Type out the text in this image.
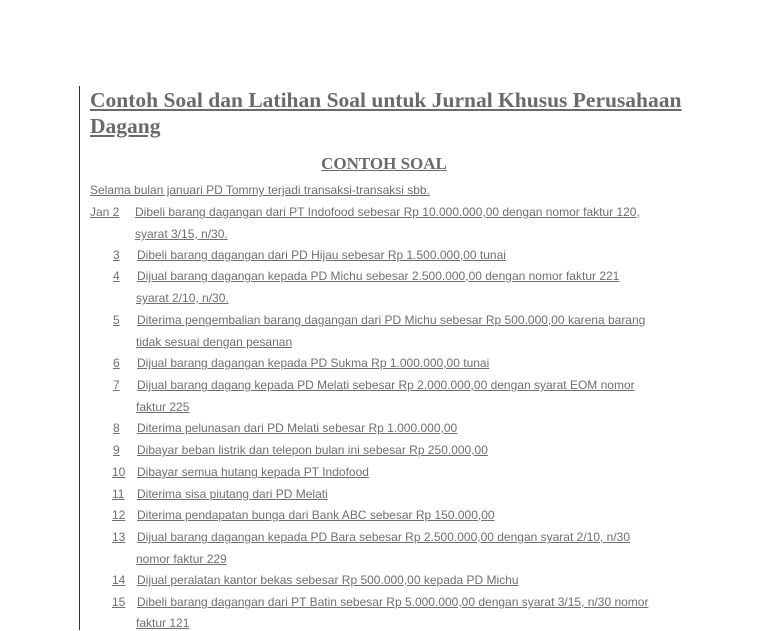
Contoh Soal dan Latihan Soal untuk Jurnal Khusus Perusahaan Dagang
CONTOH SOAL
Selama bulan januari PD Tommy terjadi transaksi-transaksi sbb.
Jan 2 Dibeli barang dagangan dari PT Indofood sebesar Rp 10.000.000,00 dengan nomor faktur 120,
syarat 3/15, n/30.
3 Dibeli barang dagangan dari PD Hijau sebesar Rp 1.500.000,00 tunai
4 Dijual barang dagangan kepada PD Michu sebesar 2.500.000,00 dengan nomor faktur 221
syarat 2/10, n/30.
5 Diterima pengembalian barang dagangan dari PD Michu sebesar Rp 500.000,00 karena barang
tidak sesuai dengan pesanan
6 Dijual barang dagangan kepada PD Sukma Rp 1.000.000,00 tunai
7 Dijual barang dagang kepada PD Melati sebesar Rp 2.000.000,00 dengan syarat EOM nomor
faktur 225
8 Diterima pelunasan dari PD Melati sebesar Rp 1.000.000,00
9 Dibayar beban listrik dan telepon bulan ini sebesar Rp 250.000,00
10 Dibayar semua hutang kepada PT Indofood
11 Diterima sisa piutang dari PD Melati
12 Diterima pendapatan bunga dari Bank ABC sebesar Rp 150.000,00
13 Dijual barang dagangan kepada PD Bara sebesar Rp 2.500.000,00 dengan syarat 2/10, n/30
nomor faktur 229
14 Dijual peralatan kantor bekas sebesar Rp 500.000,00 kepada PD Michu
15 Dibeli barang dagangan dari PT Batin sebesar Rp 5.000.000,00 dengan syarat 3/15, n/30 nomor
faktur 121
